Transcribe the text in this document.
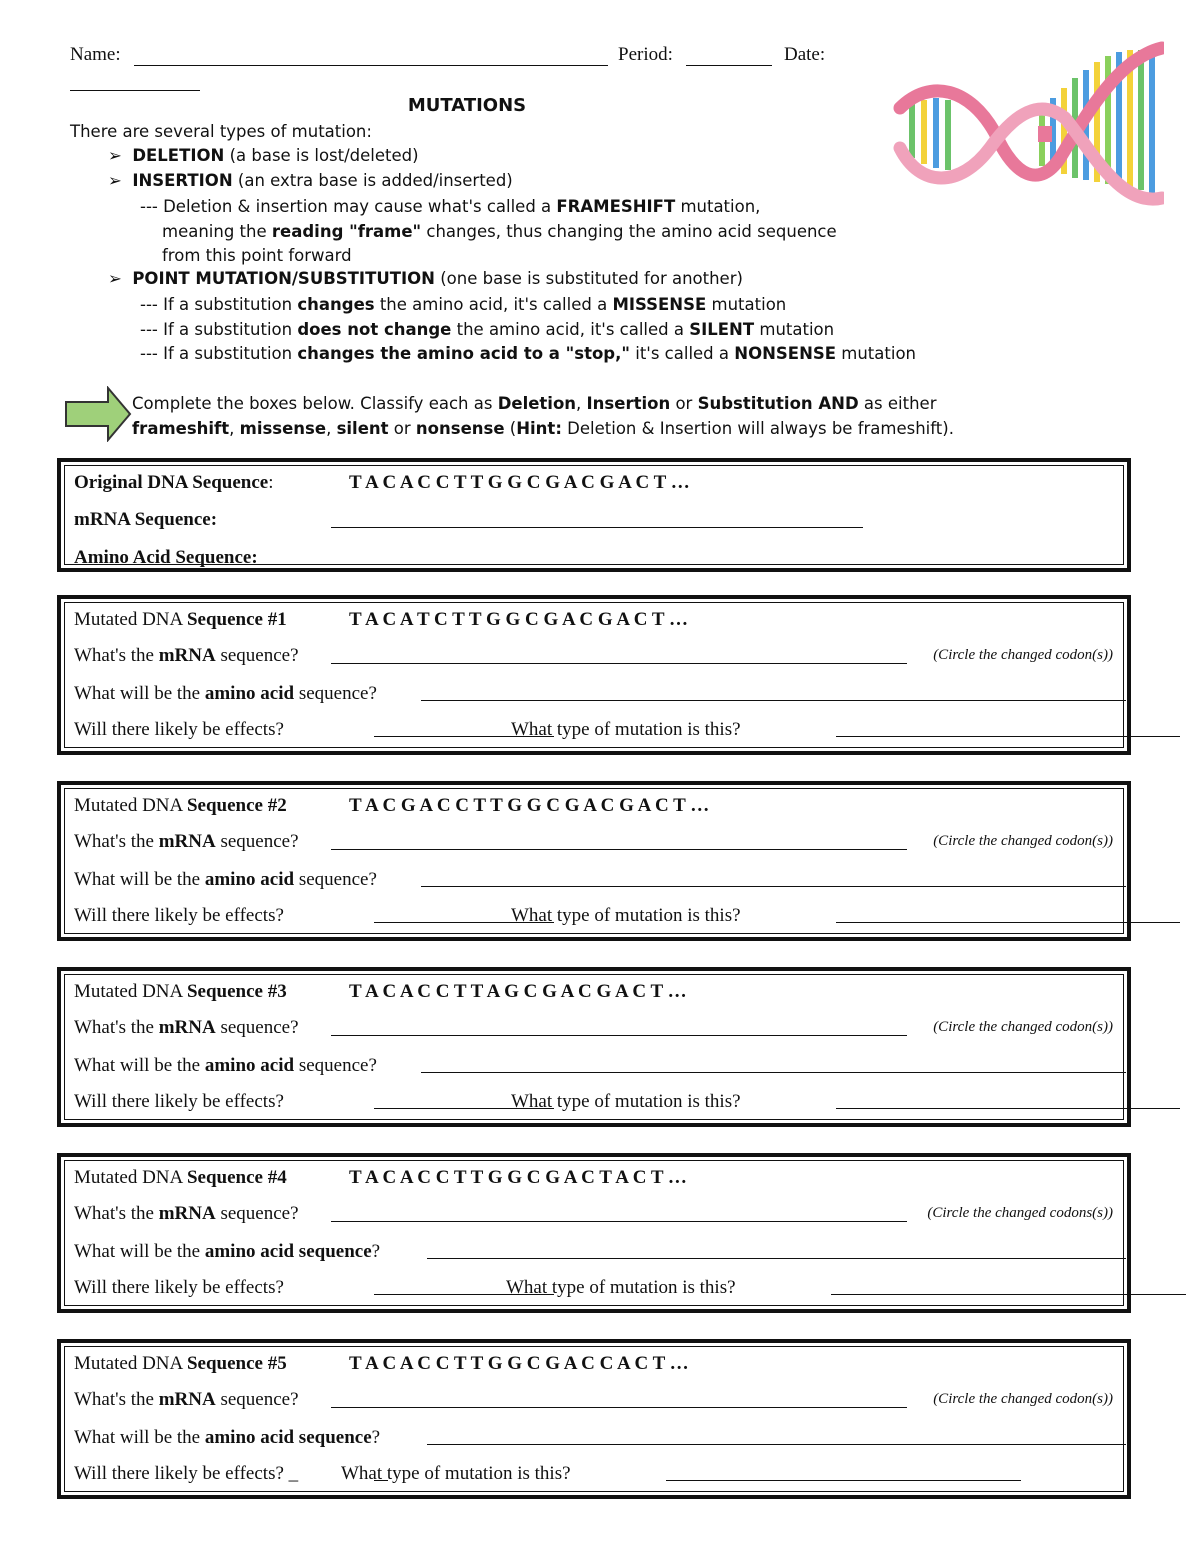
Name:	Period:	Date:
MUTATIONS
There are several types of mutation:
➢ DELETION (a base is lost/deleted)
➢ INSERTION (an extra base is added/inserted)
--- Deletion & insertion may cause what's called a FRAMESHIFT mutation,
meaning the reading "frame" changes, thus changing the amino acid sequence
from this point forward
➢ POINT MUTATION/SUBSTITUTION (one base is substituted for another)
--- If a substitution changes the amino acid, it's called a MISSENSE mutation
--- If a substitution does not change the amino acid, it's called a SILENT mutation
--- If a substitution changes the amino acid to a "stop," it's called a NONSENSE mutation
Complete the boxes below. Classify each as Deletion, Insertion or Substitution AND as either
frameshift, missense, silent or nonsense (Hint: Deletion & Insertion will always be frameshift).
Original DNA Sequence:	T A C A C C T T G G C G A C G A C T …
mRNA Sequence:
Amino Acid Sequence:
Mutated DNA Sequence #1	T A C A T C T T G G C G A C G A C T …
What's the mRNA sequence?	(Circle the changed codon(s))
What will be the amino acid sequence?
Will there likely be effects?	What type of mutation is this?
Mutated DNA Sequence #2	T A C G A C C T T G G C G A C G A C T …
What's the mRNA sequence?	(Circle the changed codon(s))
What will be the amino acid sequence?
Will there likely be effects?	What type of mutation is this?
Mutated DNA Sequence #3	T A C A C C T T A G C G A C G A C T …
What's the mRNA sequence?	(Circle the changed codon(s))
What will be the amino acid sequence?
Will there likely be effects?	What type of mutation is this?
Mutated DNA Sequence #4	T A C A C C T T G G C G A C T A C T …
What's the mRNA sequence?	(Circle the changed codons(s))
What will be the amino acid sequence?
Will there likely be effects?	What type of mutation is this?
Mutated DNA Sequence #5	T A C A C C T T G G C G A C C A C T …
What's the mRNA sequence?	(Circle the changed codon(s))
What will be the amino acid sequence?
Will there likely be effects? _ What type of mutation is this?
